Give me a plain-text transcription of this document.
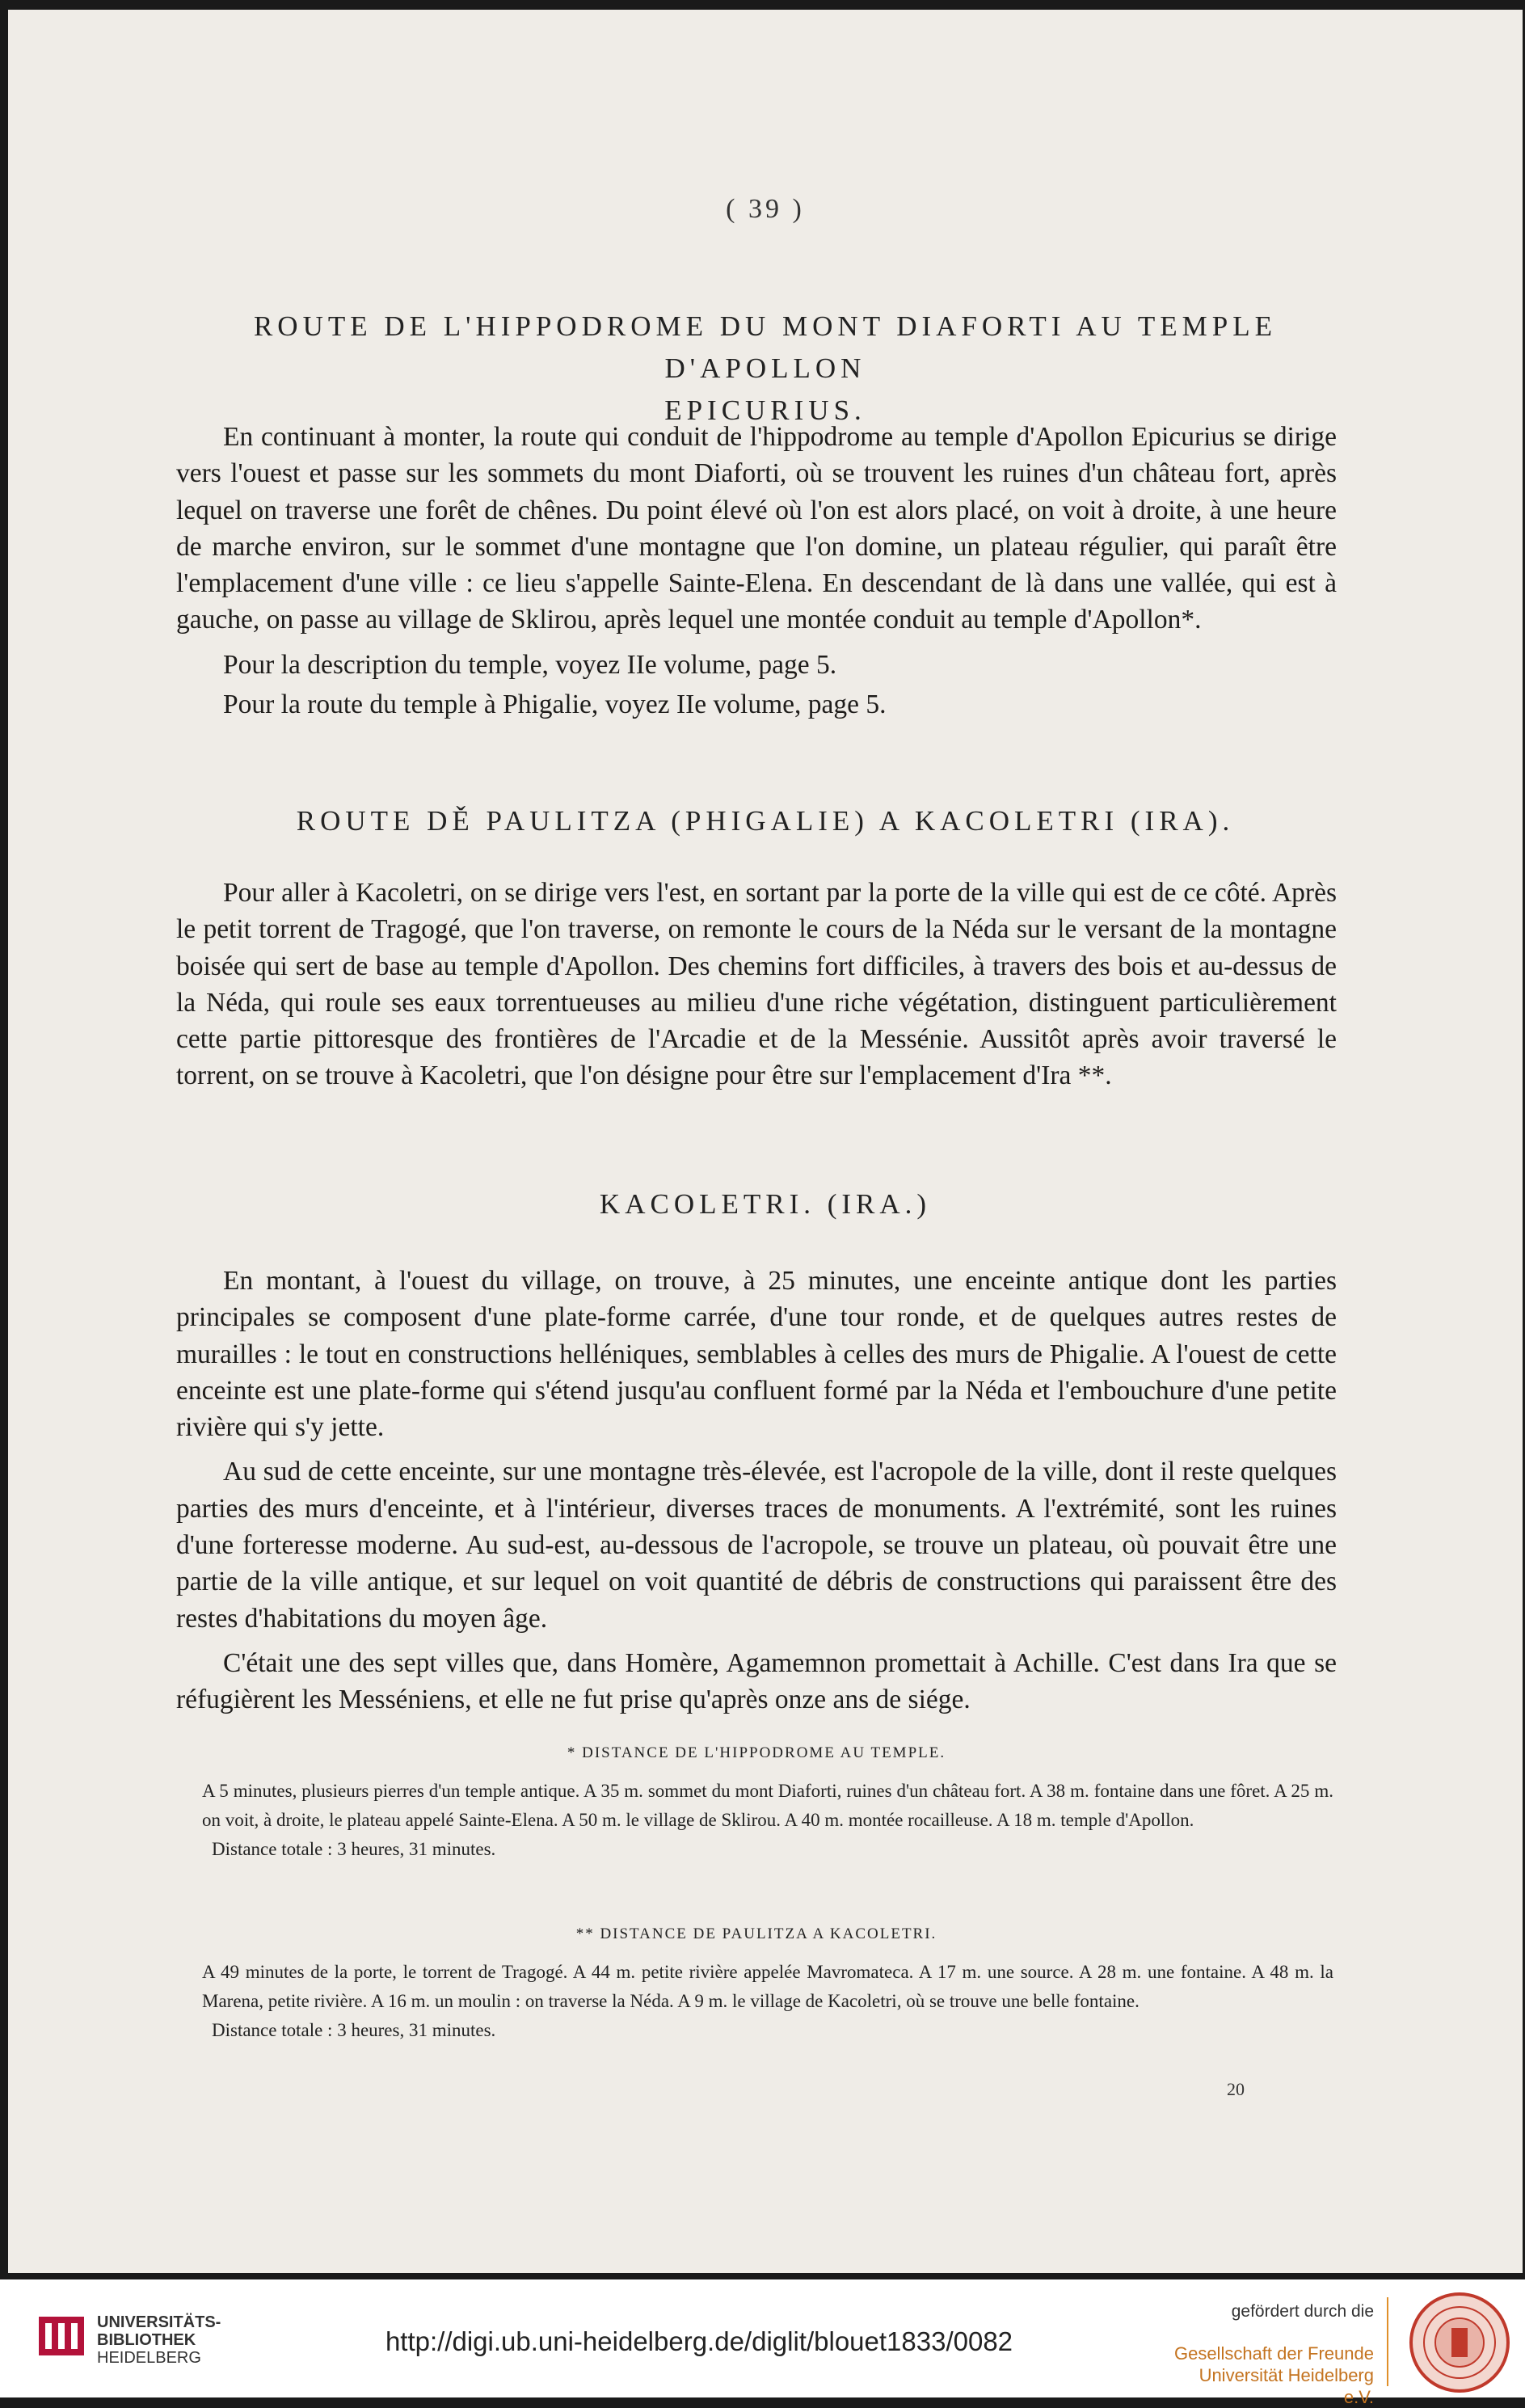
( 39 )
ROUTE DE L'HIPPODROME DU MONT DIAFORTI AU TEMPLE D'APOLLON
EPICURIUS.

En continuant à monter, la route qui conduit de l'hippodrome au temple d'Apollon Epicurius se dirige vers l'ouest et passe sur les sommets du mont Diaforti, où se trouvent les ruines d'un château fort, après lequel on traverse une forêt de chênes. Du point élevé où l'on est alors placé, on voit à droite, à une heure de marche environ, sur le sommet d'une montagne que l'on domine, un plateau régulier, qui paraît être l'emplacement d'une ville : ce lieu s'appelle Sainte-Elena. En descendant de là dans une vallée, qui est à gauche, on passe au village de Sklirou, après lequel une montée conduit au temple d'Apollon*.

Pour la description du temple, voyez IIe volume, page 5.

Pour la route du temple à Phigalie, voyez IIe volume, page 5.

ROUTE DĚ PAULITZA (PHIGALIE) A KACOLETRI (IRA).

Pour aller à Kacoletri, on se dirige vers l'est, en sortant par la porte de la ville qui est de ce côté. Après le petit torrent de Tragogé, que l'on traverse, on remonte le cours de la Néda sur le versant de la montagne boisée qui sert de base au temple d'Apollon. Des chemins fort difficiles, à travers des bois et au-dessus de la Néda, qui roule ses eaux torrentueuses au milieu d'une riche végétation, distinguent particulièrement cette partie pittoresque des frontières de l'Arcadie et de la Messénie. Aussitôt après avoir traversé le torrent, on se trouve à Kacoletri, que l'on désigne pour être sur l'emplacement d'Ira **.

KACOLETRI. (IRA.)

En montant, à l'ouest du village, on trouve, à 25 minutes, une enceinte antique dont les parties principales se composent d'une plate-forme carrée, d'une tour ronde, et de quelques autres restes de murailles : le tout en constructions helléniques, semblables à celles des murs de Phigalie. A l'ouest de cette enceinte est une plate-forme qui s'étend jusqu'au confluent formé par la Néda et l'embouchure d'une petite rivière qui s'y jette.

Au sud de cette enceinte, sur une montagne très-élevée, est l'acropole de la ville, dont il reste quelques parties des murs d'enceinte, et à l'intérieur, diverses traces de monuments. A l'extrémité, sont les ruines d'une forteresse moderne. Au sud-est, au-dessous de l'acropole, se trouve un plateau, où pouvait être une partie de la ville antique, et sur lequel on voit quantité de débris de constructions qui paraissent être des restes d'habitations du moyen âge.

C'était une des sept villes que, dans Homère, Agamemnon promettait à Achille. C'est dans Ira que se réfugièrent les Messéniens, et elle ne fut prise qu'après onze ans de siége.

* DISTANCE DE L'HIPPODROME AU TEMPLE.

A 5 minutes, plusieurs pierres d'un temple antique. A 35 m. sommet du mont Diaforti, ruines d'un château fort. A 38 m. fontaine dans une fôret. A 25 m. on voit, à droite, le plateau appelé Sainte-Elena. A 50 m. le village de Sklirou. A 40 m. montée rocailleuse. A 18 m. temple d'Apollon.

Distance totale : 3 heures, 31 minutes.

** DISTANCE DE PAULITZA A KACOLETRI.

A 49 minutes de la porte, le torrent de Tragogé. A 44 m. petite rivière appelée Mavromateca. A 17 m. une source. A 28 m. une fontaine. A 48 m. la Marena, petite rivière. A 16 m. un moulin : on traverse la Néda. A 9 m. le village de Kacoletri, où se trouve une belle fontaine.

Distance totale : 3 heures, 31 minutes.

20
UNIVERSITÄTS-
BIBLIOTHEK
HEIDELBERG
http://digi.ub.uni-heidelberg.de/diglit/blouet1833/0082
gefördert durch die
Gesellschaft der Freunde
Universität Heidelberg e.V.
